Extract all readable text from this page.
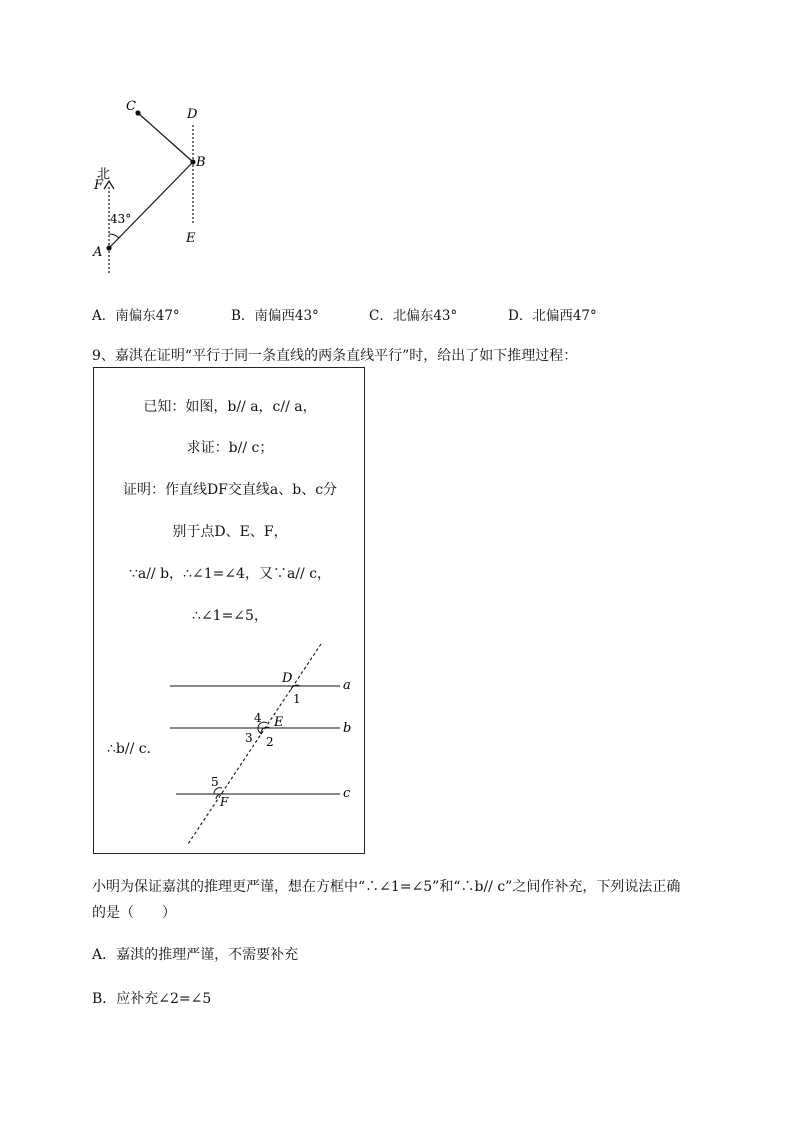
C
D
B
北
F
43°
A
E
A．南偏东47°	B．南偏西43°	C．北偏东43°	D．北偏西47°
9、嘉淇在证明“平行于同一条直线的两条直线平行”时，给出了如下推理过程：
已知：如图，b// a，c// a，
求证：b// c；
证明：作直线DF交直线a、b、c分
别于点D、E、F，
∵a// b，∴∠1=∠4，又∵a// c，
∴∠1=∠5，
∴b// c．
D	a
1
4 E	b
3 2
5
F
c
小明为保证嘉淇的推理更严谨，想在方框中“∴∠1=∠5”和“∴b// c”之间作补充，下列说法正确
的是（　　）
A．嘉淇的推理严谨，不需要补充
B．应补充∠2=∠5
